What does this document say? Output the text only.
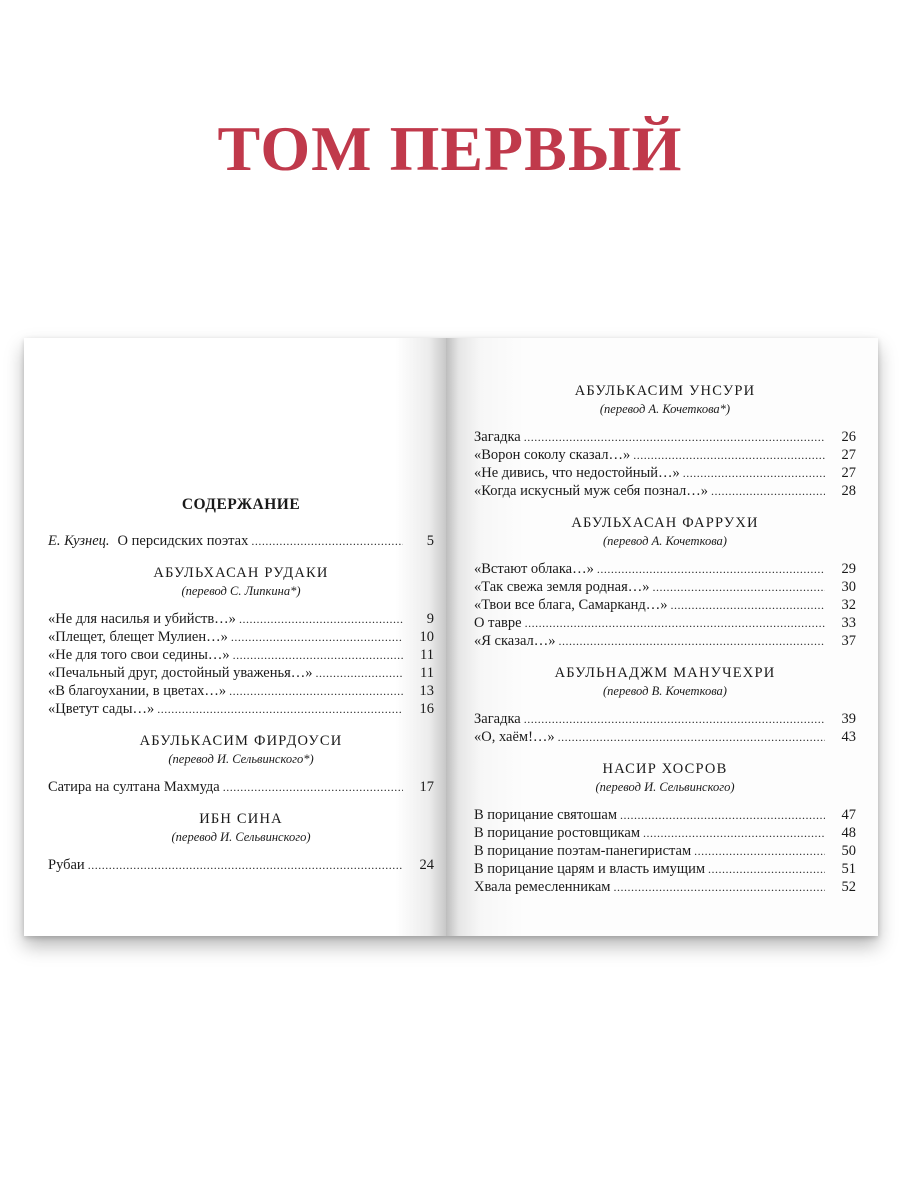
ТОМ ПЕРВЫЙ
СОДЕРЖАНИЕ
Е. Кузнец. О персидских поэтах .....	5
АБУЛЬХАСАН РУДАКИ
(перевод С. Липкина*)
«Не для насилья и убийств…» .....	9
«Плещет, блещет Мулиен…» .....	10
«Не для того свои седины…» .....	11
«Печальный друг, достойный уваженья…» .....	11
«В благоухании, в цветах…» .....	13
«Цветут сады…» .....	16
АБУЛЬКАСИМ ФИРДОУСИ
(перевод И. Сельвинского*)
Сатира на султана Махмуда .....	17
ИБН СИНА
(перевод И. Сельвинского)
Рубаи .....	24
АБУЛЬКАСИМ УНСУРИ
(перевод А. Кочеткова*)
Загадка .....	26
«Ворон соколу сказал…» .....	27
«Не дивись, что недостойный…» .....	27
«Когда искусный муж себя познал…» .....	28
АБУЛЬХАСАН ФАРРУХИ
(перевод А. Кочеткова)
«Встают облака…» .....	29
«Так свежа земля родная…» .....	30
«Твои все блага, Самарканд…» .....	32
О тавре .....	33
«Я сказал…» .....	37
АБУЛЬНАДЖМ МАНУЧЕХРИ
(перевод В. Кочеткова)
Загадка .....	39
«О, хаём!…» .....	43
НАСИР ХОСРОВ
(перевод И. Сельвинского)
В порицание святошам .....	47
В порицание ростовщикам .....	48
В порицание поэтам-панегиристам .....	50
В порицание царям и власть имущим .....	51
Хвала ремесленникам .....	52
